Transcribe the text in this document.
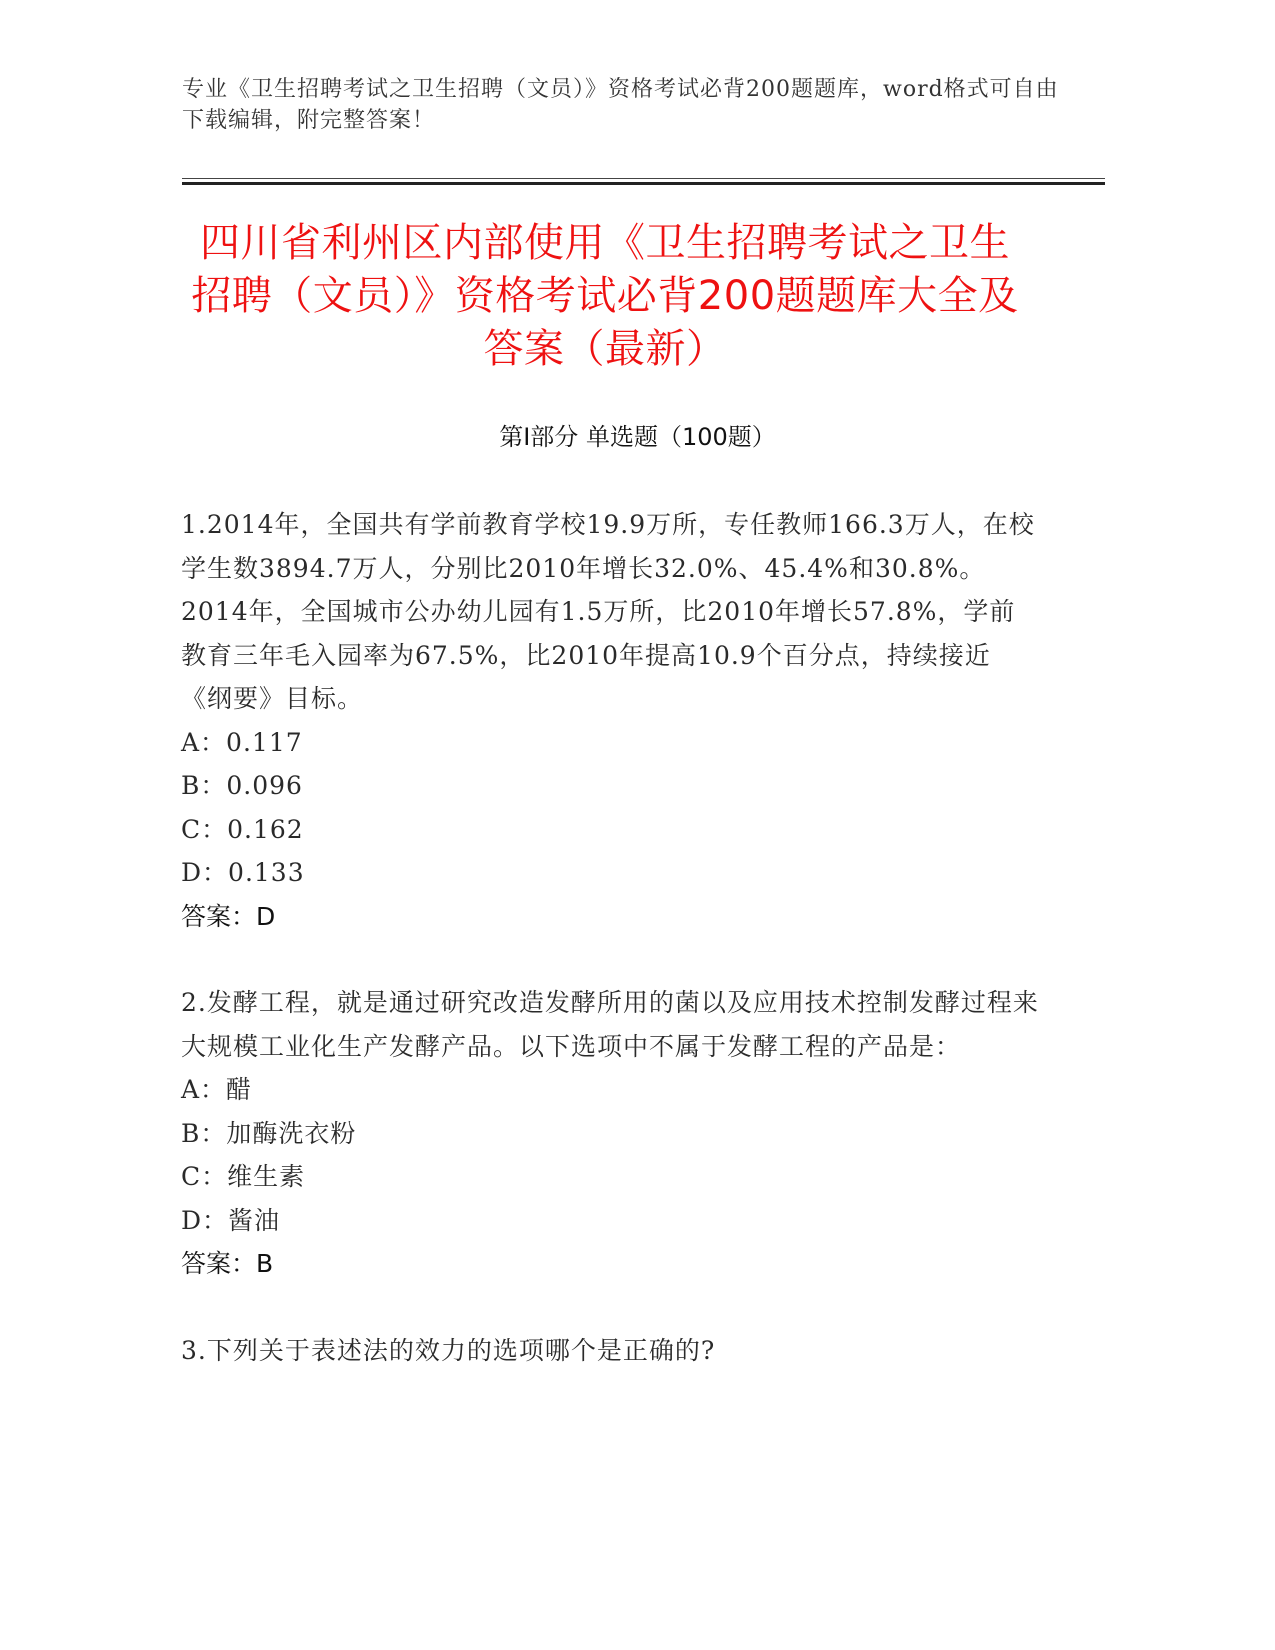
专业《卫生招聘考试之卫生招聘（文员）》资格考试必背200题题库，word格式可自由下载编辑，附完整答案！
四川省利州区内部使用《卫生招聘考试之卫生招聘（文员）》资格考试必背200题题库大全及答案（最新）
第Ⅰ部分 单选题（100题）
1.2014年，全国共有学前教育学校19.9万所，专任教师166.3万人，在校学生数3894.7万人，分别比2010年增长32.0%、45.4%和30.8%。2014年，全国城市公办幼儿园有1.5万所，比2010年增长57.8%，学前教育三年毛入园率为67.5%，比2010年提高10.9个百分点，持续接近《纲要》目标。
A：0.117
B：0.096
C：0.162
D：0.133
答案：D
2.发酵工程，就是通过研究改造发酵所用的菌以及应用技术控制发酵过程来大规模工业化生产发酵产品。以下选项中不属于发酵工程的产品是：
A：醋
B：加酶洗衣粉
C：维生素
D：酱油
答案：B
3.下列关于表述法的效力的选项哪个是正确的?
